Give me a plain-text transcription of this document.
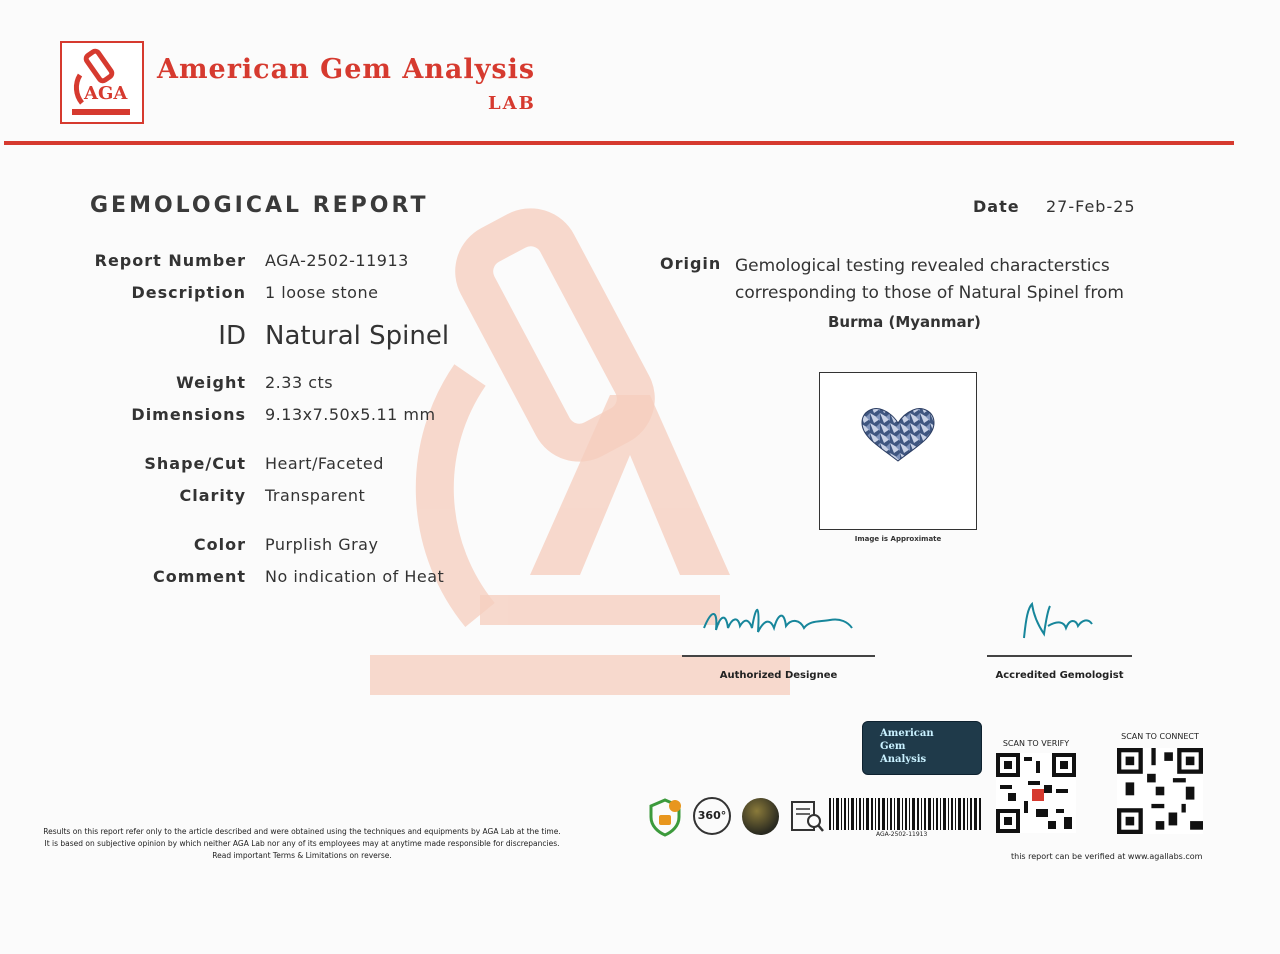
AGA
American Gem Analysis
LAB
GEMOLOGICAL REPORT	Date 27-Feb-25
Report Number AGA-2502-11913
Description 1 loose stone
ID Natural Spinel
Weight 2.33 cts
Dimensions 9.13x7.50x5.11 mm
Shape/Cut Heart/Faceted
Clarity Transparent
Color Purplish Gray
Comment No indication of Heat
Origin Gemological testing revealed characterstics corresponding to those of Natural Spinel from
Burma (Myanmar)
Image is Approximate
Authorized Designee	Accredited Gemologist
American
Gem
Analysis
SCAN TO VERIFY
SCAN TO CONNECT
360°
AGA-2502-11913
Results on this report refer only to the article described and were obtained using the techniques and equipments by AGA Lab at the time.
It is based on subjective opinion by which neither AGA Lab nor any of its employees may at anytime made responsible for discrepancies.
Read important Terms & Limitations on reverse.	this report can be verified at www.agallabs.com
